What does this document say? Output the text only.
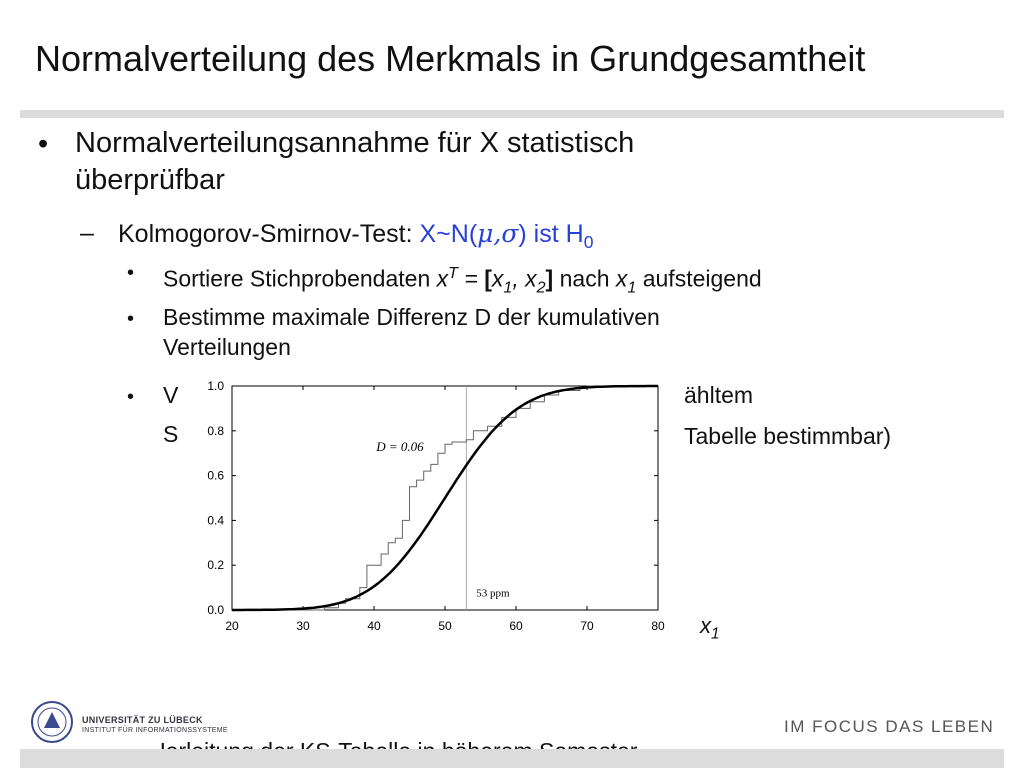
Normalverteilung des Merkmals in Grundgesamtheit
• Normalverteilungsannahme für X statistisch
überprüfbar
– Kolmogorov-Smirnov-Test: X~N(μ,σ) ist $H_0$
• Sortiere Stichprobendaten $x^T = [x_1$, $x_2$] nach $x_1$ aufsteigend
• Bestimme maximale Differenz D der kumulativen
Verteilungen
• V	ählt​em
S	Tabelle bestimmbar)
20	30	40	50	60	70	80
0.0
0.2
0.4
0.6
0.8
1.0
D = 0.06
53 ppm
$x_1$
UNIVERSITÄT ZU LÜBECK
INSTITUT FÜR INFORMATIONSSYSTEME	IM FOCUS DAS LEBEN
